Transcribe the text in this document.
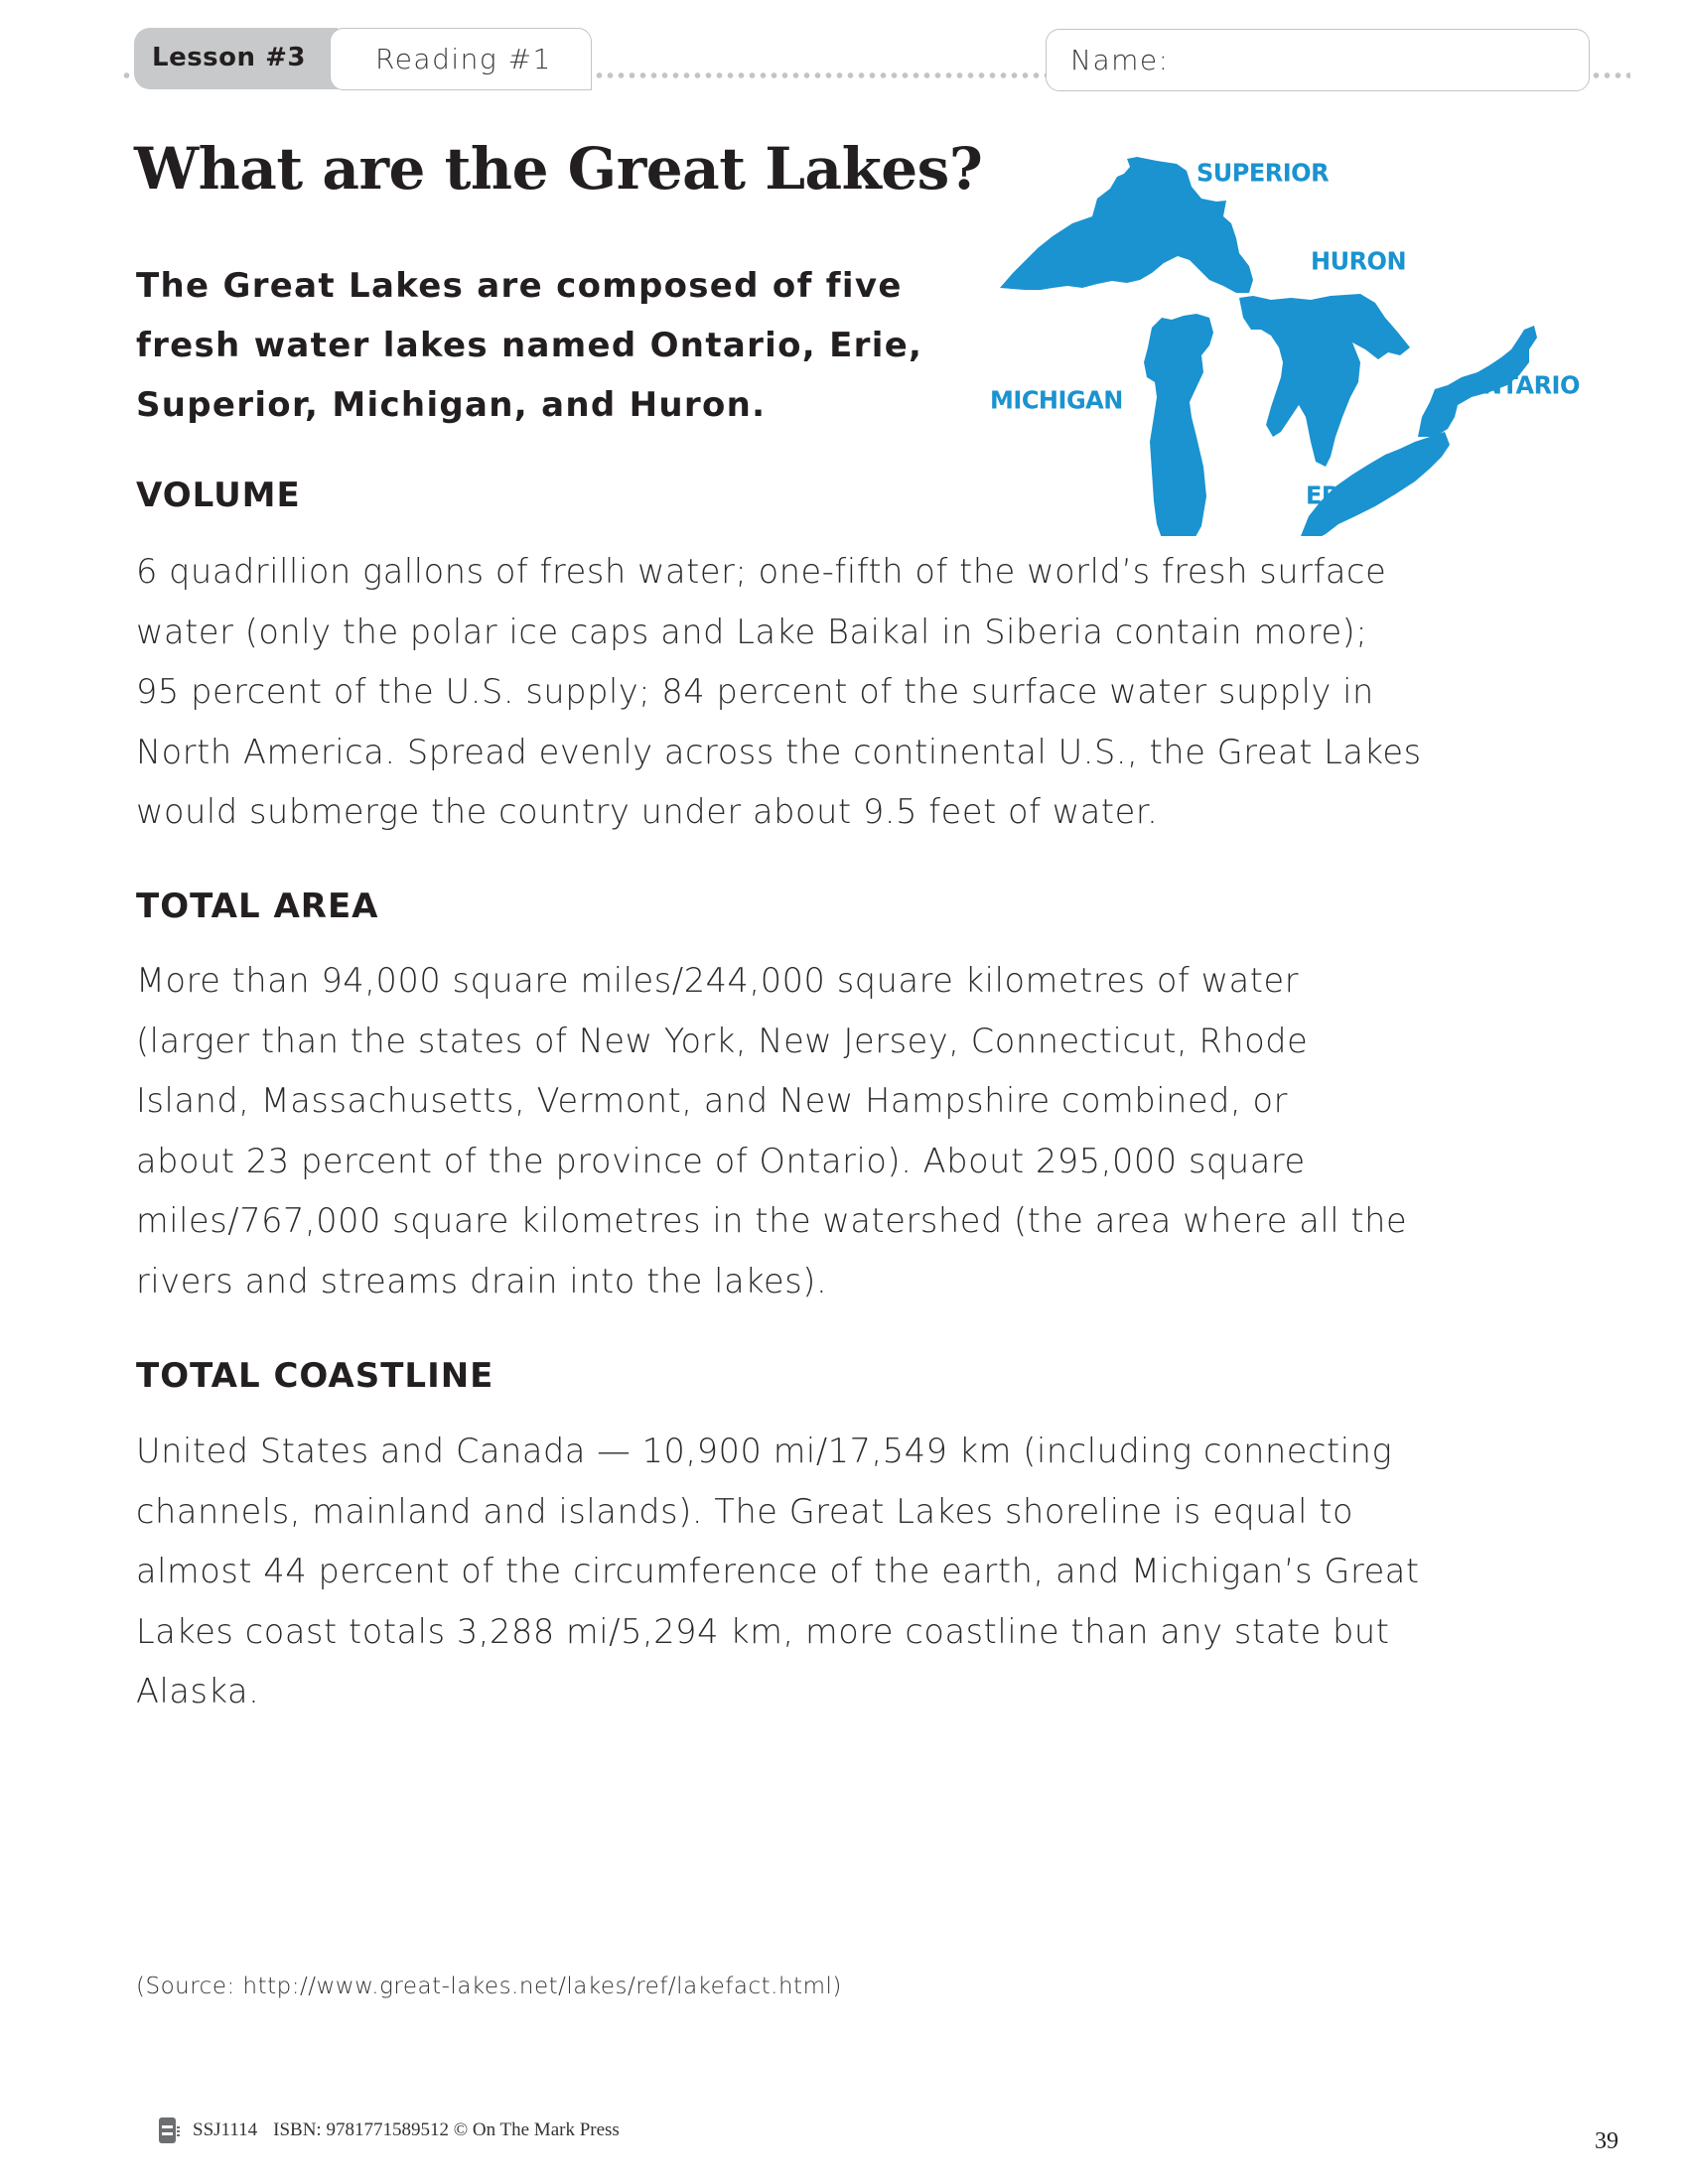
Lesson #3	Reading #1	Name:
What are the Great Lakes?
The Great Lakes are composed of five
fresh water lakes named Ontario, Erie,
Superior, Michigan, and Huron.
SUPERIOR
HURON
MICHIGAN
ONTARIO
ERIE
VOLUME
6 quadrillion gallons of fresh water; one-fifth of the world’s fresh surface
water (only the polar ice caps and Lake Baikal in Siberia contain more);
95 percent of the U.S. supply; 84 percent of the surface water supply in
North America. Spread evenly across the continental U.S., the Great Lakes
would submerge the country under about 9.5 feet of water.
TOTAL AREA
More than 94,000 square miles/244,000 square kilometres of water
(larger than the states of New York, New Jersey, Connecticut, Rhode
Island, Massachusetts, Vermont, and New Hampshire combined, or
about 23 percent of the province of Ontario). About 295,000 square
miles/767,000 square kilometres in the watershed (the area where all the
rivers and streams drain into the lakes).
TOTAL COASTLINE
United States and Canada — 10,900 mi/17,549 km (including connecting
channels, mainland and islands). The Great Lakes shoreline is equal to
almost 44 percent of the circumference of the earth, and Michigan’s Great
Lakes coast totals 3,288 mi/5,294 km, more coastline than any state but
Alaska.
(Source: http://www.great-lakes.net/lakes/ref/lakefact.html)
SSJ1114 ISBN: 9781771589512 © On The Mark Press	39
